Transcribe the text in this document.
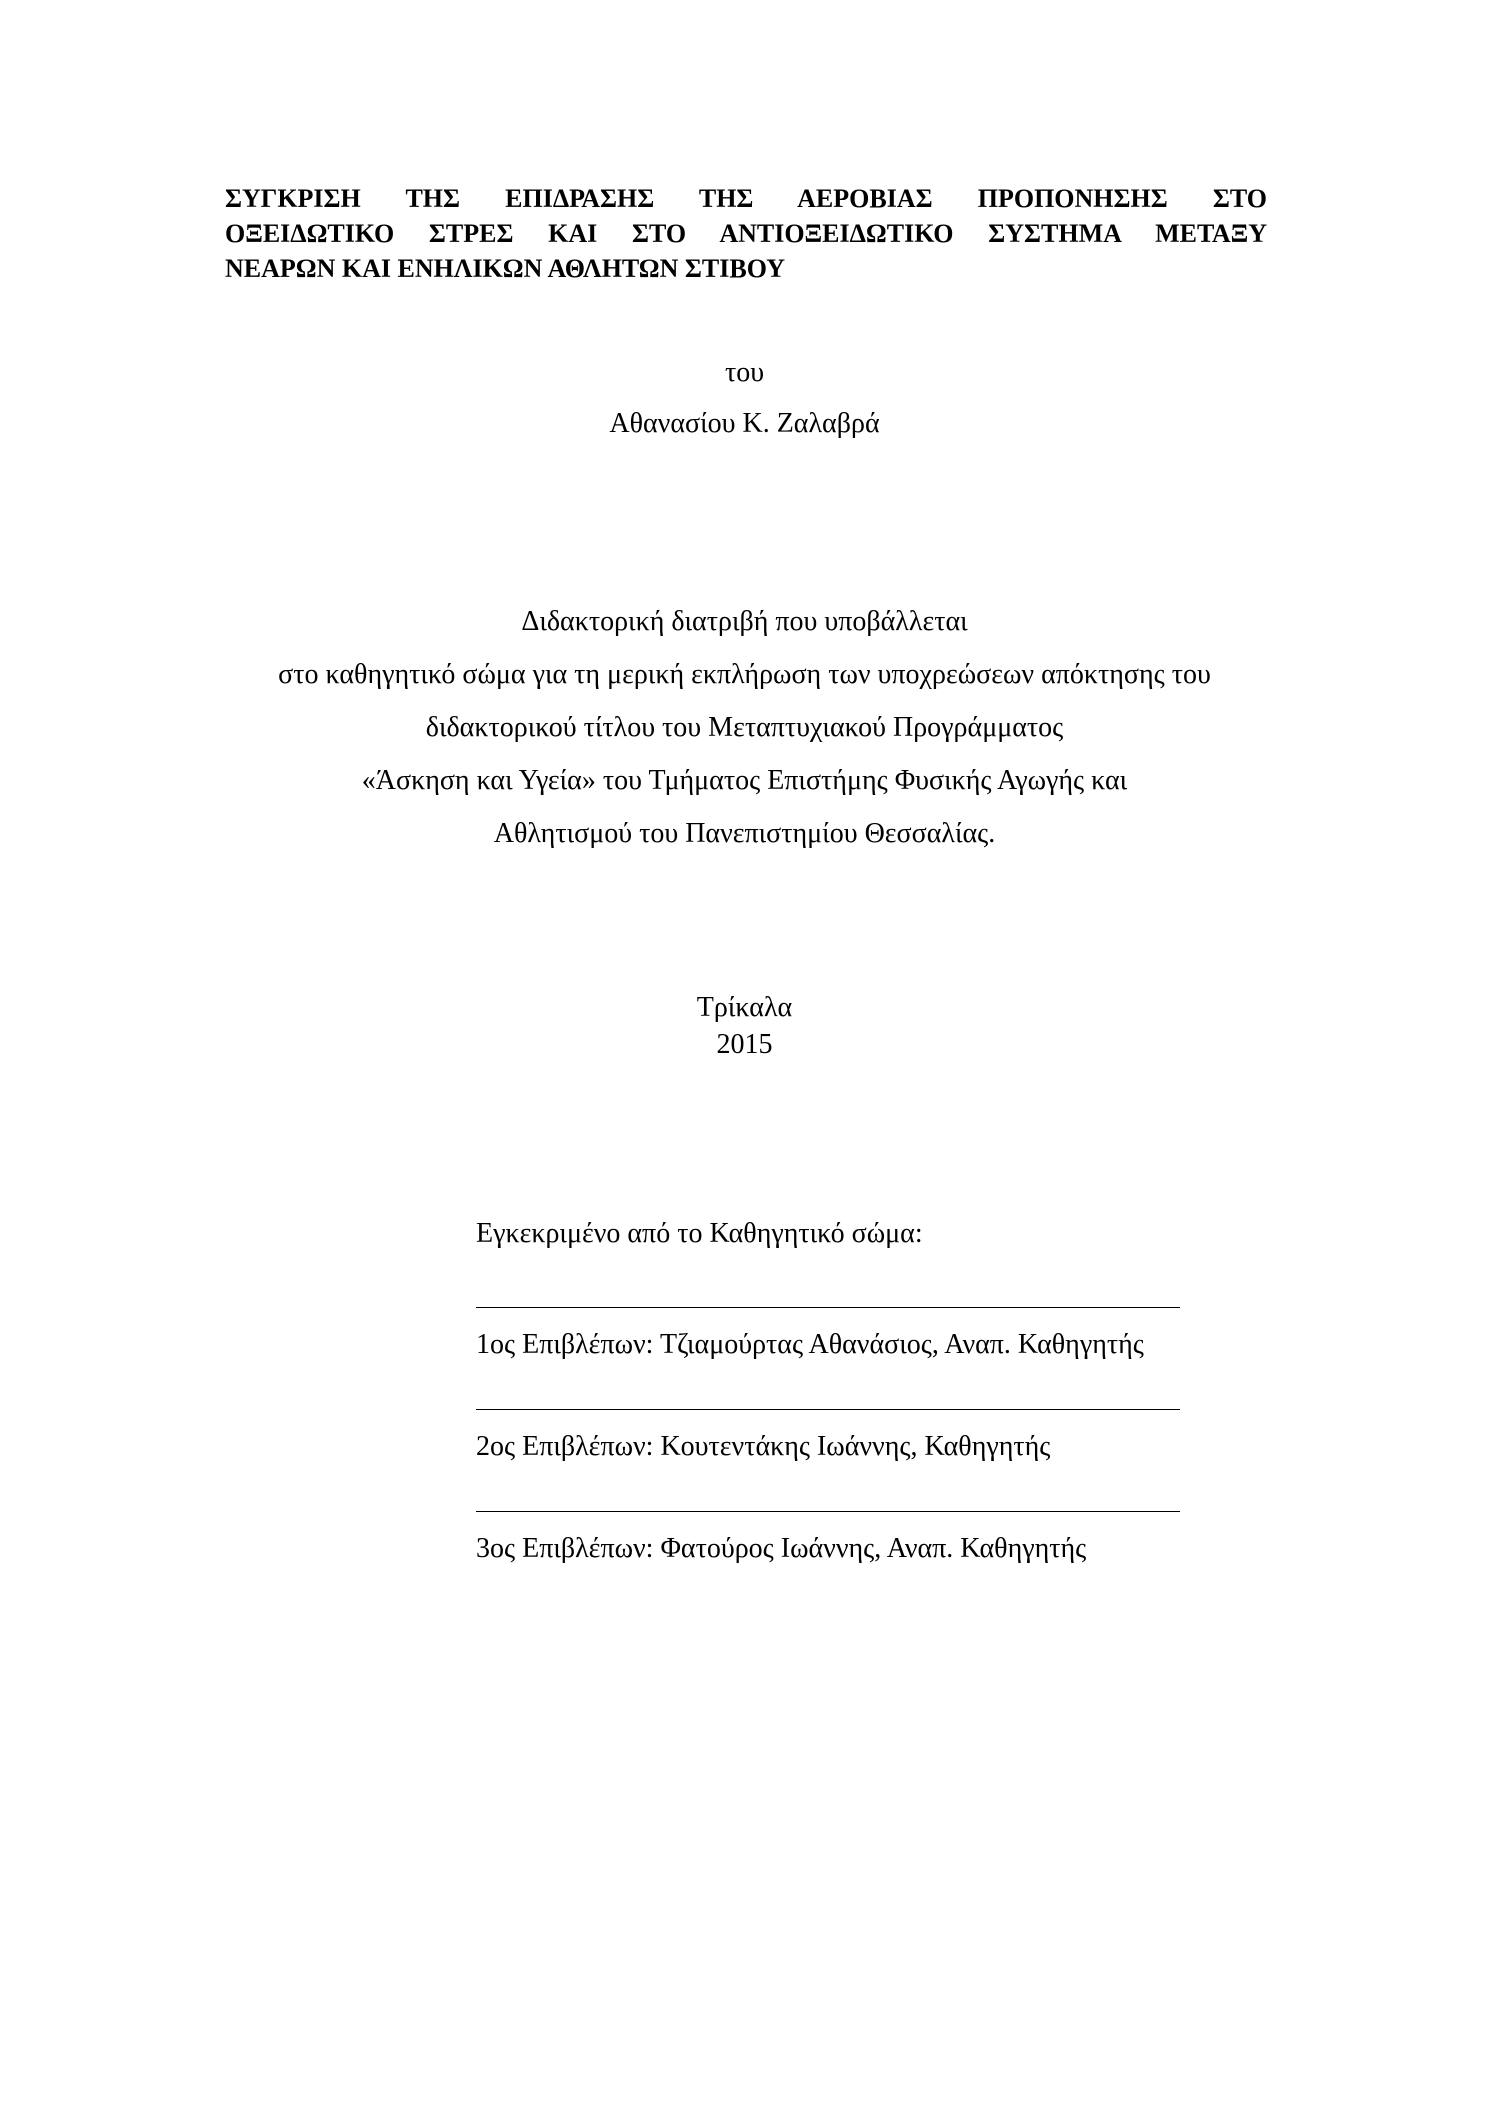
ΣΥΓΚΡΙΣΗ ΤΗΣ ΕΠΙΔΡΑΣΗΣ ΤΗΣ ΑΕΡΟΒΙΑΣ ΠΡΟΠΟΝΗΣΗΣ ΣΤΟ
ΟΞΕΙΔΩΤΙΚΟ ΣΤΡΕΣ ΚΑΙ ΣΤΟ ΑΝΤΙΟΞΕΙΔΩΤΙΚΟ ΣΥΣΤΗΜΑ ΜΕΤΑΞΥ
ΝΕΑΡΩΝ ΚΑΙ ΕΝΗΛΙΚΩΝ ΑΘΛΗΤΩΝ ΣΤΙΒΟΥ
του
Αθανασίου Κ. Ζαλαβρά
Διδακτορική διατριβή που υποβάλλεται
στο καθηγητικό σώμα για τη μερική εκπλήρωση των υποχρεώσεων απόκτησης του
διδακτορικού τίτλου του Μεταπτυχιακού Προγράμματος
«Άσκηση και Υγεία» του Τμήματος Επιστήμης Φυσικής Αγωγής και
Αθλητισμού του Πανεπιστημίου Θεσσαλίας.
Τρίκαλα
2015
Εγκεκριμένο από το Καθηγητικό σώμα:
1ος Επιβλέπων: Τζιαμούρτας Αθανάσιος, Αναπ. Καθηγητής
2ος Επιβλέπων: Κουτεντάκης Ιωάννης, Καθηγητής
3ος Επιβλέπων: Φατούρος Ιωάννης, Αναπ. Καθηγητής
